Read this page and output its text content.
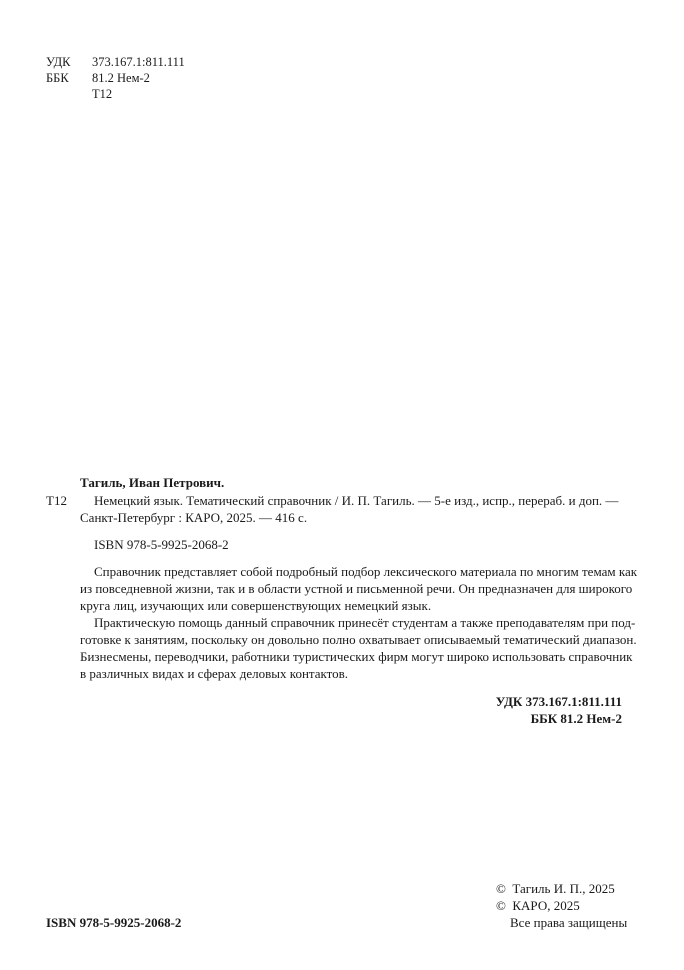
УДК 373.167.1:811.111
ББК 81.2 Нем-2
Т12
Тагиль, Иван Петрович.
Т12 Немецкий язык. Тематический справочник / И. П. Тагиль. — 5-е изд., испр., перераб. и доп. —
Санкт-Петербург : КАРО, 2025. — 416 с.
ISBN 978-5-9925-2068-2
Справочник представляет собой подробный подбор лексического материала по многим темам как
из повседневной жизни, так и в области устной и письменной речи. Он предназначен для широкого
круга лиц, изучающих или совершенствующих немецкий язык.
Практическую помощь данный справочник принесёт студентам а также преподавателям при под-
готовке к занятиям, поскольку он довольно полно охватывает описываемый тематический диапазон.
Бизнесмены, переводчики, работники туристических фирм могут широко использовать справочник
в различных видах и сферах деловых контактов.
УДК 373.167.1:811.111
ББК 81.2 Нем-2
©  Тагиль И. П., 2025
©  КАРО, 2025
Все права защищены
ISBN 978-5-9925-2068-2
